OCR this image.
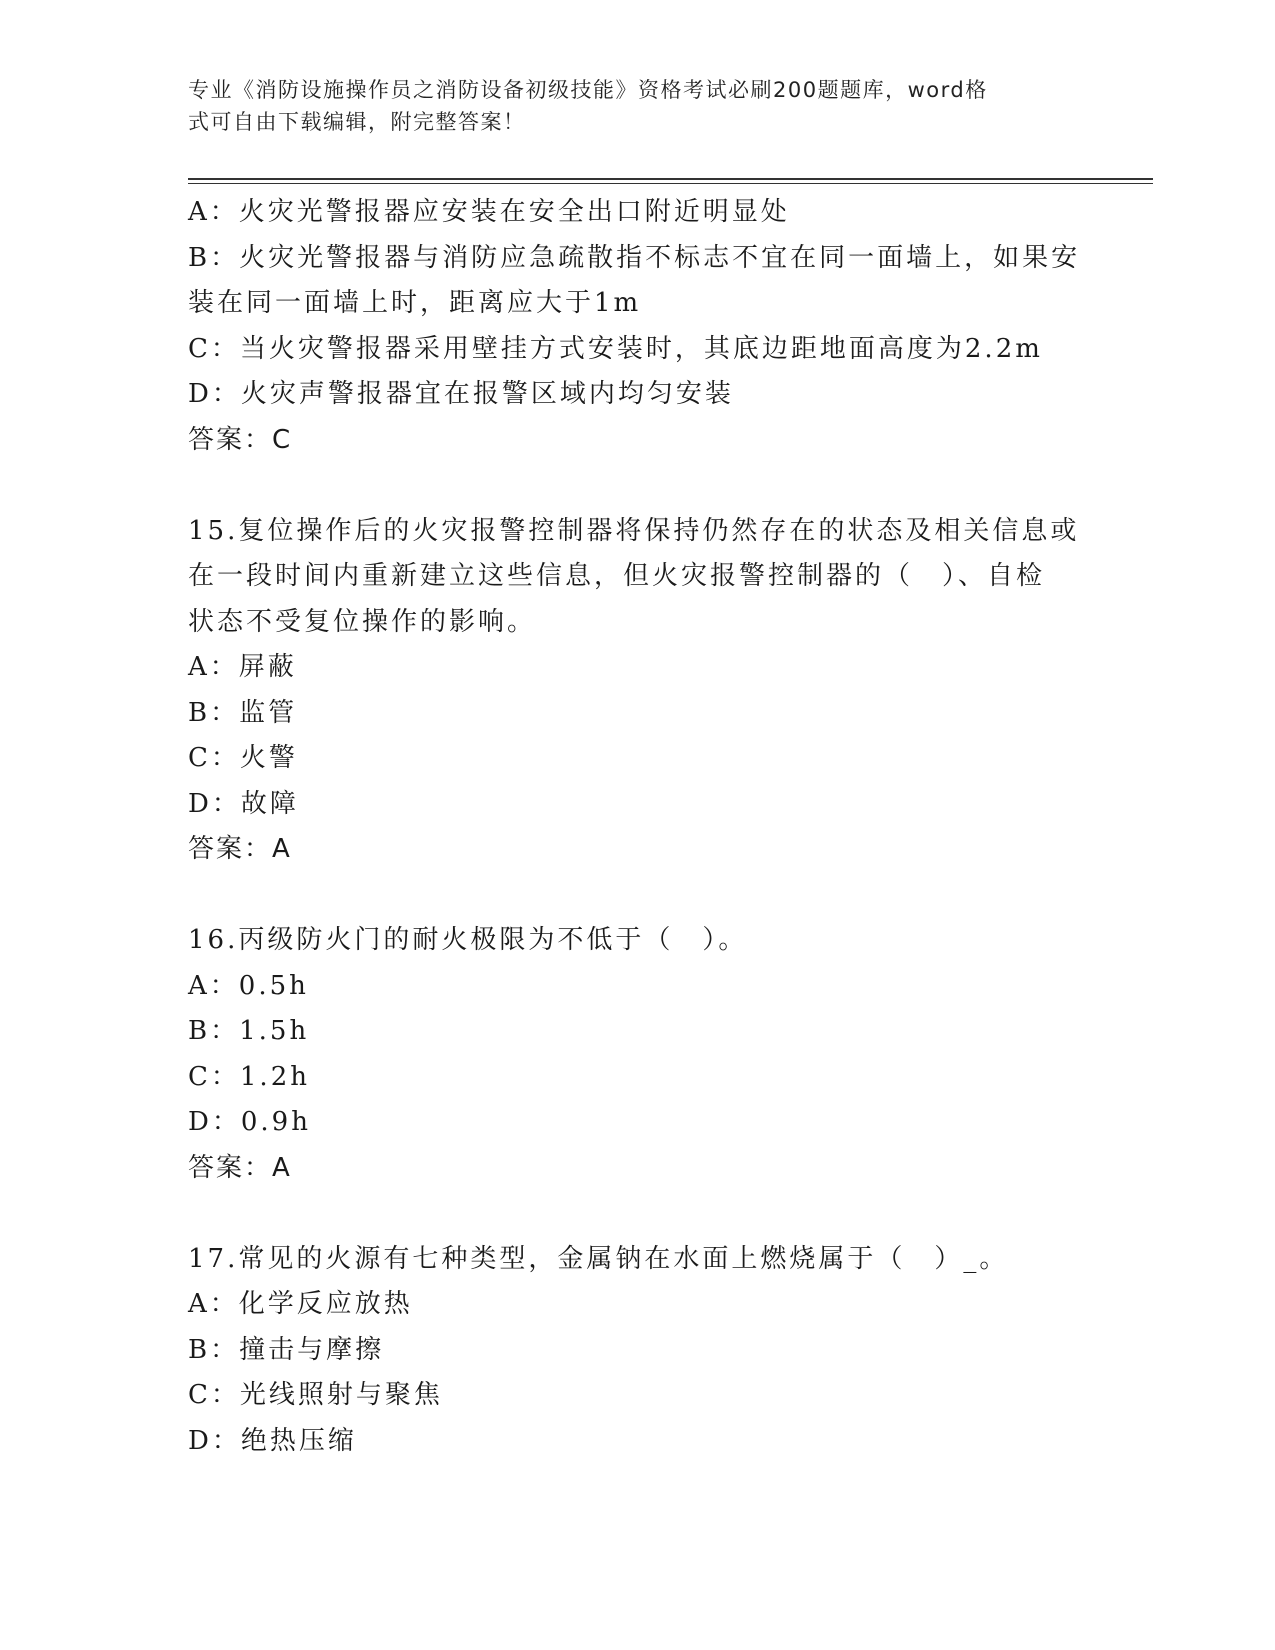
专业《消防设施操作员之消防设备初级技能》资格考试必刷200题题库，word格
式可自由下载编辑，附完整答案！

A：火灾光警报器应安装在安全出口附近明显处

B：火灾光警报器与消防应急疏散指不标志不宜在同一面墙上，如果安

装在同一面墙上时，距离应大于1m

C：当火灾警报器采用壁挂方式安装时，其底边距地面高度为2.2m

D：火灾声警报器宜在报警区域内均匀安装

答案：C

15.复位操作后的火灾报警控制器将保持仍然存在的状态及相关信息或

在一段时间内重新建立这些信息，但火灾报警控制器的（　）、自检

状态不受复位操作的影响。

A：屏蔽

B：监管

C：火警

D：故障

答案：A

16.丙级防火门的耐火极限为不低于（　）。

A：0.5h

B：1.5h

C：1.2h

D：0.9h

答案：A

17.常见的火源有七种类型，金属钠在水面上燃烧属于（　）_。

A：化学反应放热

B：撞击与摩擦

C：光线照射与聚焦

D：绝热压缩
